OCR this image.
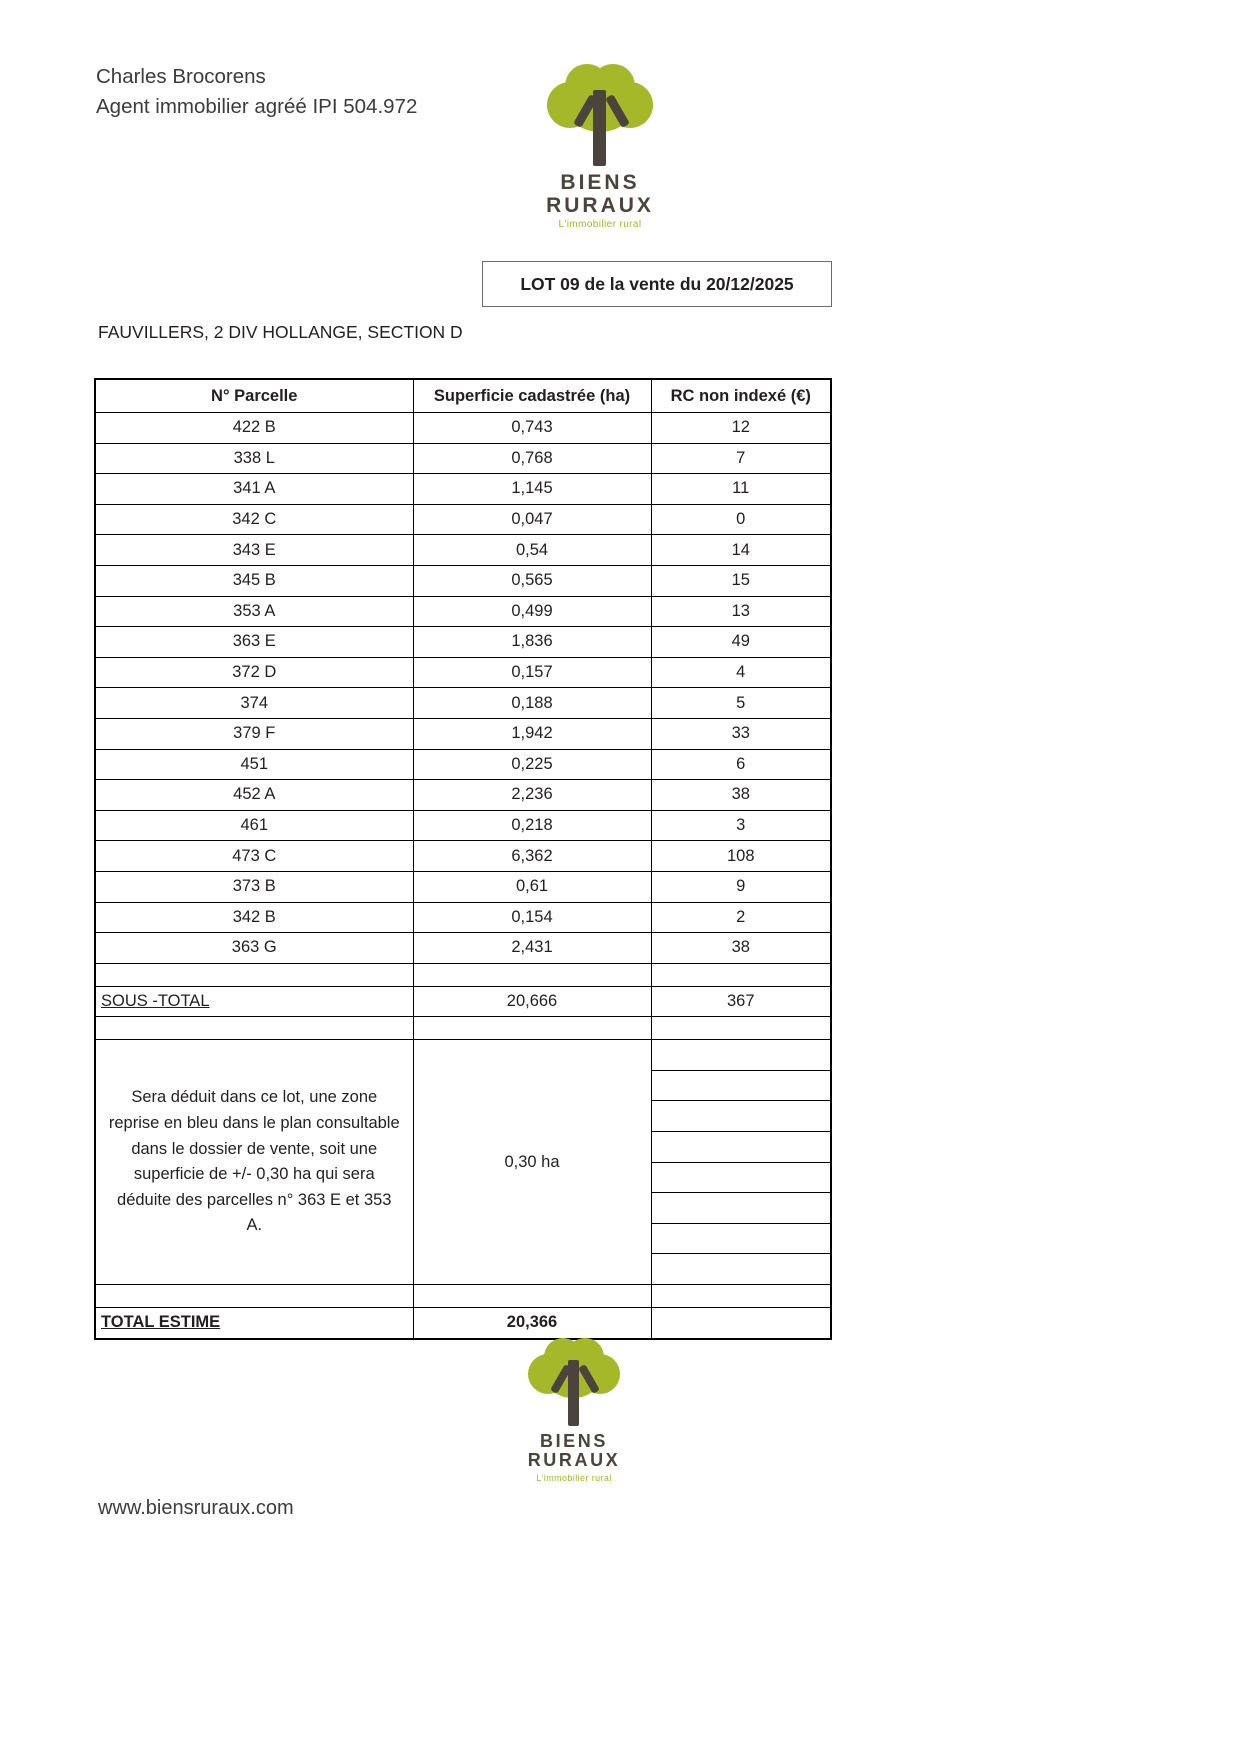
Charles Brocorens
Agent immobilier agréé IPI 504.972
BIENS
RURAUX
L'immobilier rural
LOT 09 de la vente du 20/12/2025
FAUVILLERS, 2 DIV HOLLANGE, SECTION D
N° Parcelle	Superficie cadastrée (ha)	RC non indexé (€)
422 B	0,743	12
338 L	0,768	7
341 A	1,145	11
342 C	0,047	0
343 E	0,54	14
345 B	0,565	15
353 A	0,499	13
363 E	1,836	49
372 D	0,157	4
374	0,188	5
379 F	1,942	33
451	0,225	6
452 A	2,236	38
461	0,218	3
473 C	6,362	108
373 B	0,61	9
342 B	0,154	2
363 G	2,431	38

SOUS -TOTAL	20,666	367

Sera déduit dans ce lot, une zone reprise en bleu dans le plan consultable dans le dossier de vente, soit une superficie de +/- 0,30 ha qui sera déduite des parcelles n° 363 E et 353 A.	0,30 ha	

TOTAL ESTIME	20,366	
BIENS
RURAUX
L'immobilier rural
www.biensruraux.com
